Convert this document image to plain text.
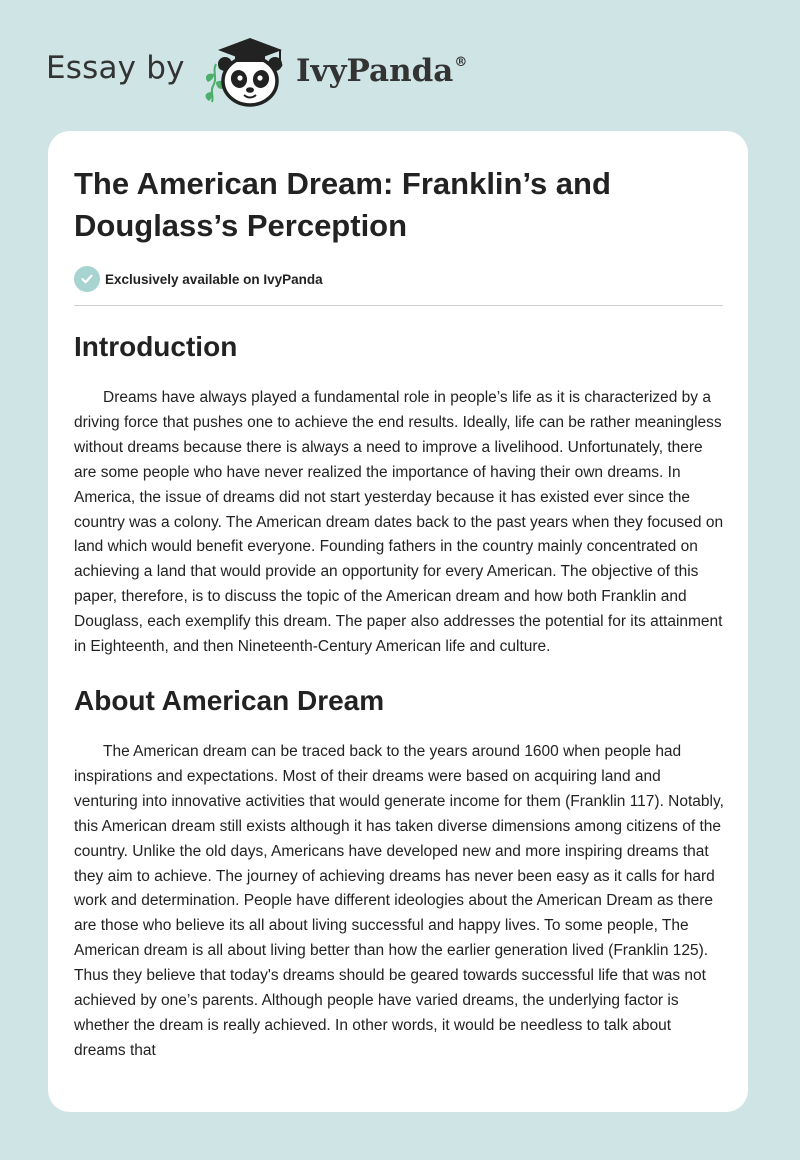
Essay by	IvyPanda®
The American Dream: Franklin’s and Douglass’s Perception
Exclusively available on IvyPanda
Introduction

Dreams have always played a fundamental role in people’s life as it is characterized by a driving force that pushes one to achieve the end results. Ideally, life can be rather meaningless without dreams because there is always a need to improve a livelihood. Unfortunately, there are some people who have never realized the importance of having their own dreams. In America, the issue of dreams did not start yesterday because it has existed ever since the country was a colony. The American dream dates back to the past years when they focused on land which would benefit everyone. Founding fathers in the country mainly concentrated on achieving a land that would provide an opportunity for every American. The objective of this paper, therefore, is to discuss the topic of the American dream and how both Franklin and Douglass, each exemplify this dream. The paper also addresses the potential for its attainment in Eighteenth, and then Nineteenth-Century American life and culture.

About American Dream

The American dream can be traced back to the years around 1600 when people had inspirations and expectations. Most of their dreams were based on acquiring land and venturing into innovative activities that would generate income for them (Franklin 117). Notably, this American dream still exists although it has taken diverse dimensions among citizens of the country. Unlike the old days, Americans have developed new and more inspiring dreams that they aim to achieve. The journey of achieving dreams has never been easy as it calls for hard work and determination. People have different ideologies about the American Dream as there are those who believe its all about living successful and happy lives. To some people, The American dream is all about living better than how the earlier generation lived (Franklin 125). Thus they believe that today's dreams should be geared towards successful life that was not achieved by one’s parents. Although people have varied dreams, the underlying factor is whether the dream is really achieved. In other words, it would be needless to talk about dreams that
